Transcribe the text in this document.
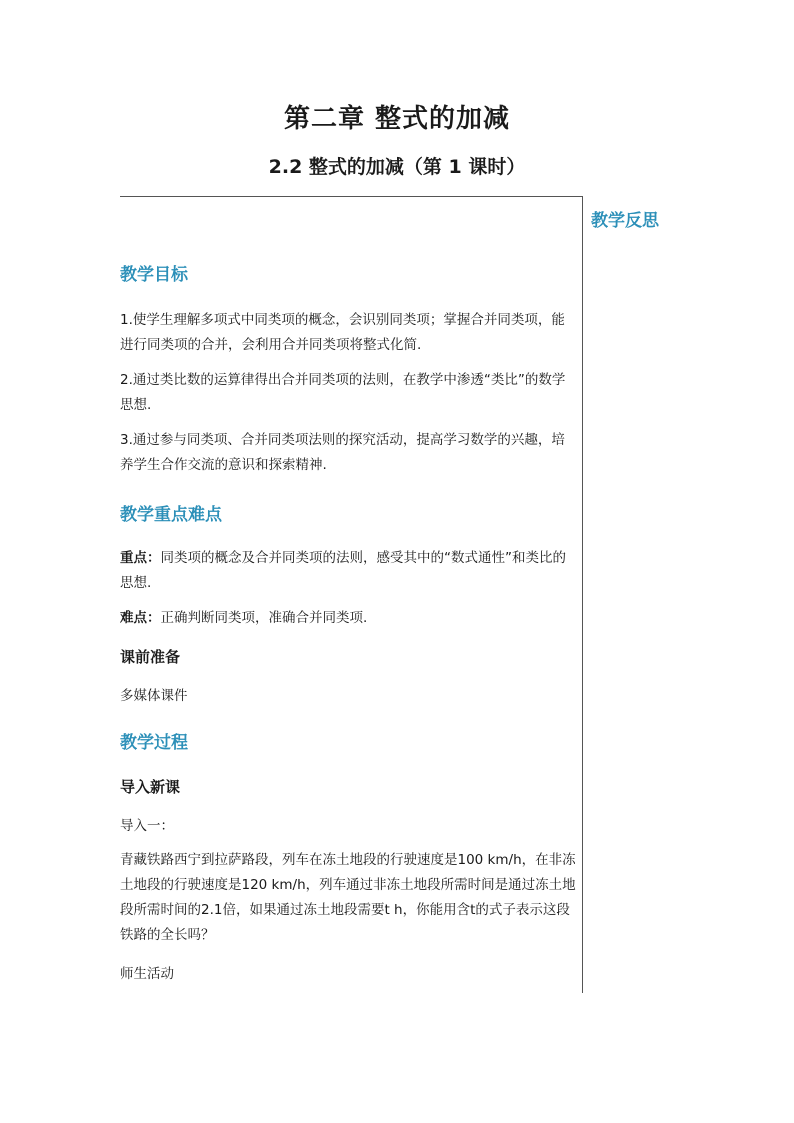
第二章 整式的加减
2.2 整式的加减（第 1 课时）
教学反思
教学目标
1.使学生理解多项式中同类项的概念，会识别同类项；掌握合并同类项，能进行同类项的合并，会利用合并同类项将整式化简.
2.通过类比数的运算律得出合并同类项的法则，在教学中渗透“类比”的数学思想.
3.通过参与同类项、合并同类项法则的探究活动，提高学习数学的兴趣，培养学生合作交流的意识和探索精神.
教学重点难点
重点：同类项的概念及合并同类项的法则，感受其中的“数式通性”和类比的思想.
难点：正确判断同类项，准确合并同类项.
课前准备
多媒体课件
教学过程
导入新课
导入一：
青藏铁路西宁到拉萨路段，列车在冻土地段的行驶速度是100 km/h，在非冻土地段的行驶速度是120 km/h，列车通过非冻土地段所需时间是通过冻土地段所需时间的2.1倍，如果通过冻土地段需要t h，你能用含t的式子表示这段铁路的全长吗？
师生活动
